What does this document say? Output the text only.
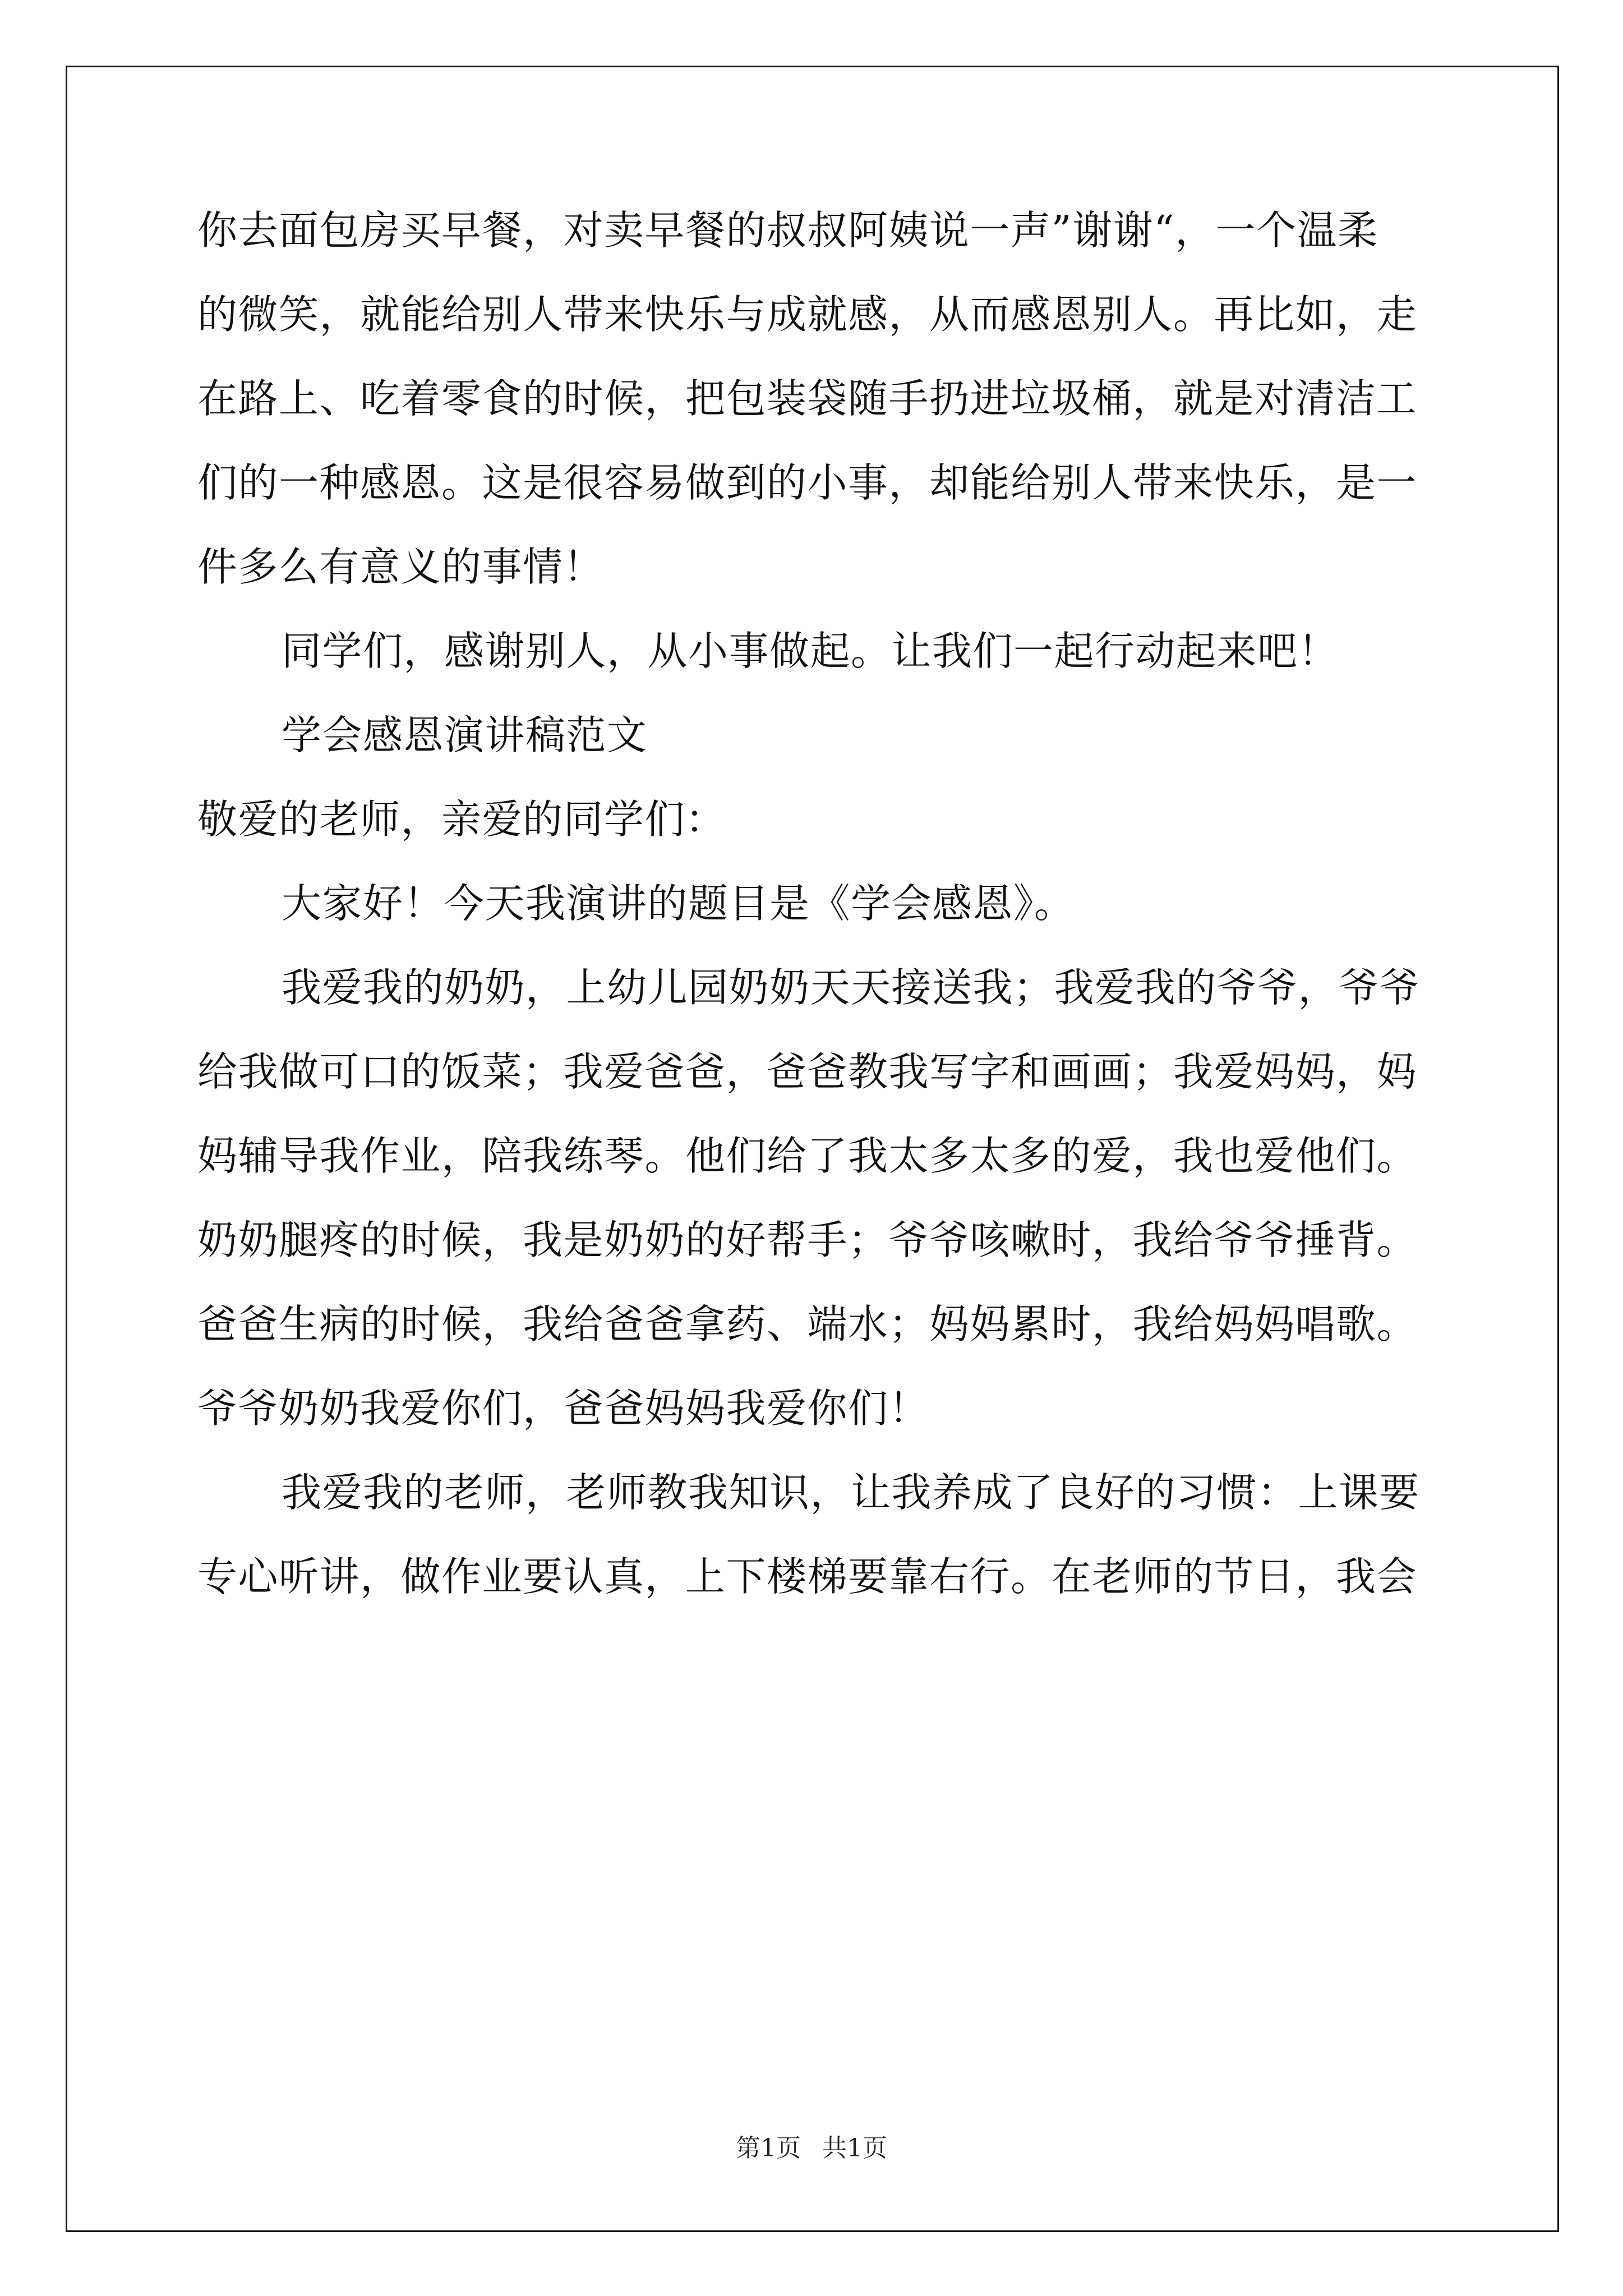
你去面包房买早餐，对卖早餐的叔叔阿姨说一声”谢谢“，一个温柔
的微笑，就能给别人带来快乐与成就感，从而感恩别人。再比如，走
在路上、吃着零食的时候，把包装袋随手扔进垃圾桶，就是对清洁工
们的一种感恩。这是很容易做到的小事，却能给别人带来快乐，是一
件多么有意义的事情！
同学们，感谢别人，从小事做起。让我们一起行动起来吧！
学会感恩演讲稿范文
敬爱的老师，亲爱的同学们：
大家好！今天我演讲的题目是《学会感恩》。
我爱我的奶奶，上幼儿园奶奶天天接送我；我爱我的爷爷，爷爷
给我做可口的饭菜；我爱爸爸，爸爸教我写字和画画；我爱妈妈，妈
妈辅导我作业，陪我练琴。他们给了我太多太多的爱，我也爱他们。
奶奶腿疼的时候，我是奶奶的好帮手；爷爷咳嗽时，我给爷爷捶背。
爸爸生病的时候，我给爸爸拿药、端水；妈妈累时，我给妈妈唱歌。
爷爷奶奶我爱你们，爸爸妈妈我爱你们！
我爱我的老师，老师教我知识，让我养成了良好的习惯：上课要
专心听讲，做作业要认真，上下楼梯要靠右行。在老师的节日，我会
第1页 共1页
